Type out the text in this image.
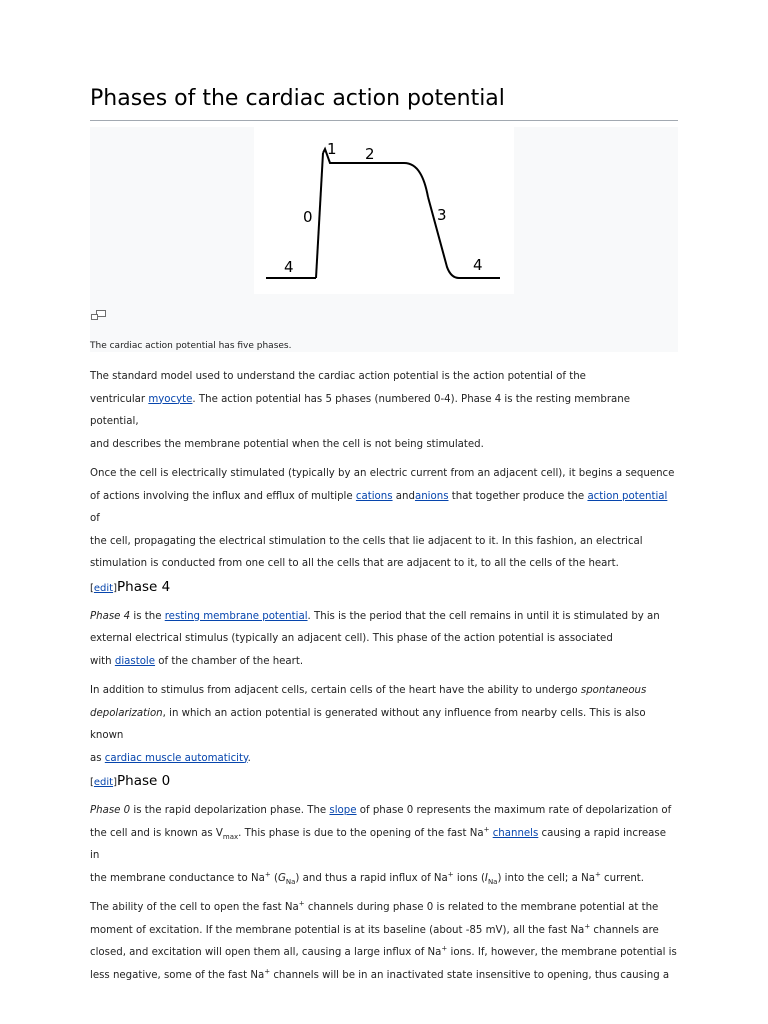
Phases of the cardiac action potential
4
0
1 2
3
4
The cardiac action potential has five phases.

The standard model used to understand the cardiac action potential is the action potential of the
ventricular myocyte. The action potential has 5 phases (numbered 0-4). Phase 4 is the resting membrane potential,
and describes the membrane potential when the cell is not being stimulated.

Once the cell is electrically stimulated (typically by an electric current from an adjacent cell), it begins a sequence
of actions involving the influx and efflux of multiple cations andanions that together produce the action potential of
the cell, propagating the electrical stimulation to the cells that lie adjacent to it. In this fashion, an electrical
stimulation is conducted from one cell to all the cells that are adjacent to it, to all the cells of the heart.

[edit]Phase 4

Phase 4 is the resting membrane potential. This is the period that the cell remains in until it is stimulated by an
external electrical stimulus (typically an adjacent cell). This phase of the action potential is associated
with diastole of the chamber of the heart.

In addition to stimulus from adjacent cells, certain cells of the heart have the ability to undergo spontaneous
depolarization, in which an action potential is generated without any influence from nearby cells. This is also known
as cardiac muscle automaticity.

[edit]Phase 0

Phase 0 is the rapid depolarization phase. The slope of phase 0 represents the maximum rate of depolarization of
the cell and is known as $V_{max}$. This phase is due to the opening of the fast Na+ channels causing a rapid increase in
the membrane conductance to Na+ $(G_{Na})$ and thus a rapid influx of Na+ ions $(I_{Na})$ into the cell; a Na+ current.

The ability of the cell to open the fast Na+ channels during phase 0 is related to the membrane potential at the
moment of excitation. If the membrane potential is at its baseline (about -85 mV), all the fast Na+ channels are
closed, and excitation will open them all, causing a large influx of Na+ ions. If, however, the membrane potential is
less negative, some of the fast Na+ channels will be in an inactivated state insensitive to opening, thus causing a
